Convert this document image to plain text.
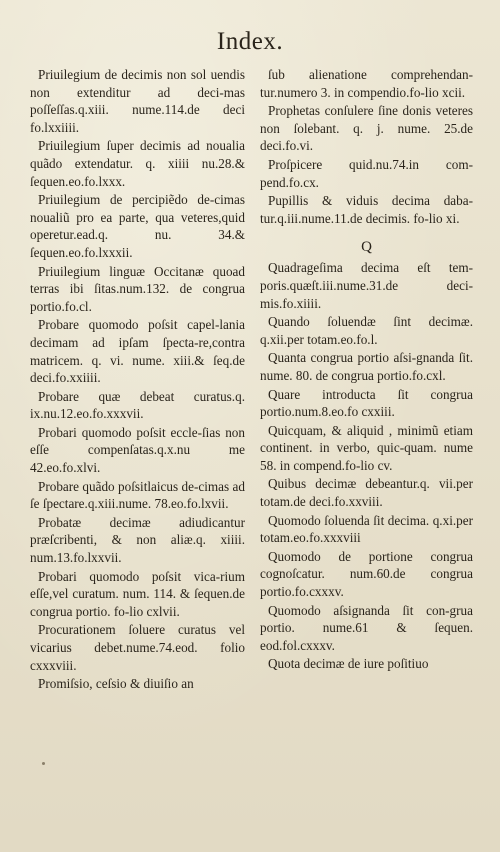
Index.

Priuilegium de decimis non sol uendis non extenditur ad deci-mas poſſeſſas.q.xiii. nume.114.de deci fo.lxxiiii.

Priuilegium ſuper decimis ad noualia quãdo extendatur. q. xiiii nu.28.& ſequen.eo.fo.lxxx.

Priuilegium de percipiẽdo de-cimas noualiũ pro ea parte, qua veteres,quid operetur.ead.q. nu. 34.& ſequen.eo.fo.lxxxii.

Priuilegium linguæ Occitanæ quoad terras ibi ſitas.num.132. de congrua portio.fo.cl.

Probare quomodo poſsit capel-lania decimam ad ipſam ſpecta-re,contra matricem. q. vi. nume. xiii.& ſeq.de deci.fo.xxiiii.

Probare quæ debeat curatus.q. ix.nu.12.eo.fo.xxxvii.

Probari quomodo poſsit eccle-ſias non eſſe compenſatas.q.x.nu me 42.eo.fo.xlvi.

Probare quãdo poſsitlaicus de-cimas ad ſe ſpectare.q.xiii.nume. 78.eo.fo.lxvii.

Probatæ decimæ adiudicantur præſcribenti, & non aliæ.q. xiiii. num.13.fo.lxxvii.

Probari quomodo poſsit vica-rium eſſe,vel curatum. num. 114. & ſequen.de congrua portio. fo-lio cxlvii.

Procurationem ſoluere curatus vel vicarius debet.nume.74.eod. folio cxxxviii.

Promiſsio, ceſsio & diuiſio an

ſub alienatione comprehendan-tur.numero 3. in compendio.fo-lio xcii.

Prophetas conſulere ſine donis veteres non ſolebant. q. j. nume. 25.de deci.fo.vi.

Proſpicere quid.nu.74.in com-pend.fo.cx.

Pupillis & viduis decima daba-tur.q.iii.nume.11.de decimis. fo-lio xi.

Q

Quadrageſima decima eſt tem-poris.quæſt.iii.nume.31.de deci-mis.fo.xiiii.

Quando ſoluendæ ſint decimæ. q.xii.per totam.eo.fo.l.

Quanta congrua portio aſsi-gnanda ſit. nume. 80. de congrua portio.fo.cxl.

Quare introducta ſit congrua portio.num.8.eo.fo cxxiii.

Quicquam, & aliquid , minimũ etiam continent. in verbo, quic-quam. nume 58. in compend.fo-lio cv.

Quibus decimæ debeantur.q. vii.per totam.de deci.fo.xxviii.

Quomodo ſoluenda ſit decima. q.xi.per totam.eo.fo.xxxviii

Quomodo de portione congrua cognoſcatur. num.60.de congrua portio.fo.cxxxv.

Quomodo aſsignanda ſit con-grua portio. nume.61 & ſequen. eod.fol.cxxxv.

Quota decimæ de iure poſitiuo
